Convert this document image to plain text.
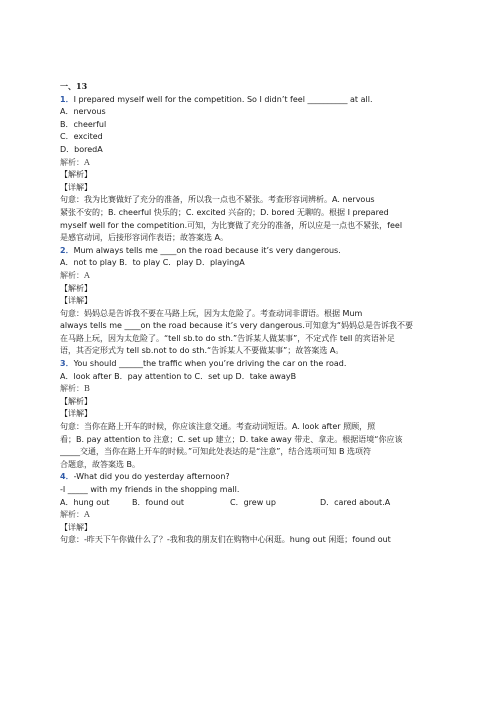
一、13
1．I prepared myself well for the competition. So I didn’t feel __________ at all.
A．nervous
B．cheerful
C．excited
D．boredA
解析：A
【解析】
【详解】
句意：我为比赛做好了充分的准备，所以我一点也不紧张。考查形容词辨析。A. nervous
紧张不安的；B. cheerful 快乐的；C. excited 兴奋的；D. bored 无聊的。根据 I prepared
myself well for the competition.可知，为比赛做了充分的准备，所以应是一点也不紧张，feel
是感官动词，后接形容词作表语；故答案选 A。
2．Mum always tells me ____on the road because it’s very dangerous.
A．not to play B．to play C．play D．playingA
解析：A
【解析】
【详解】
句意：妈妈总是告诉我不要在马路上玩，因为太危险了。考查动词非谓语。根据 Mum
always tells me ____on the road because it’s very dangerous.可知意为“妈妈总是告诉我不要
在马路上玩，因为太危险了。“tell sb.to do sth.”告诉某人做某事”，不定式作 tell 的宾语补足
语，其否定形式为 tell sb.not to do sth.“告诉某人不要做某事”；故答案选 A。
3．You should ______the traffic when you’re driving the car on the road.
A．look after B．pay attention to C．set up D．take awayB
解析：B
【解析】
【详解】
句意：当你在路上开车的时候，你应该注意交通。考查动词短语。A. look after 照顾，照
看；B. pay attention to 注意；C. set up 建立；D. take away 带走、拿走。根据语境“你应该
_____交通，当你在路上开车的时候。”可知此处表达的是“注意”，结合选项可知 B 选项符
合题意，故答案选 B。
4．-What did you do yesterday afternoon?
-I _____ with my friends in the shopping mall.
A．hung out	B．found out	C．grew up	D．cared about.A
解析：A
【详解】
句意：-昨天下午你做什么了？-我和我的朋友们在购物中心闲逛。hung out 闲逛；found out
